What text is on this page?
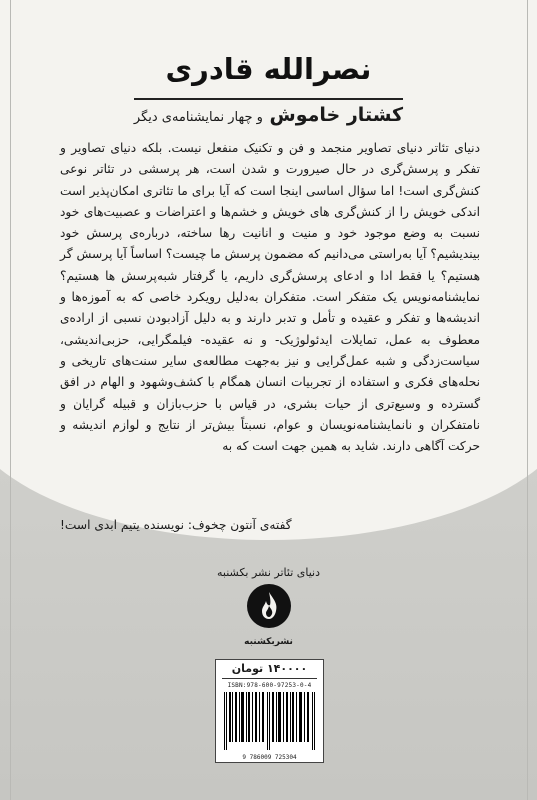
نصرالله قادری
کشتار خاموش و چهار نمایشنامه‌ی دیگر

دنیای تئاتر دنیای تصاویر منجمد و فن و تکنیک منفعل نیست. بلکه دنیای تصاویر و تفکر و پرسش‌گری در حال صیرورت و شدن است، هر پرسشی در تئاتر نوعی کنش‌گری است! اما سؤال اساسی اینجا است که آیا برای ما تئاتری امکان‌پذیر است اندکی خویش را از کنش‌گری های خویش و خشم‌ها و اعتراضات و عصبیت‌های خود نسبت به وضع موجود خود و منیت و انانیت رها ساخته، درباره‌ی پرسش خود بیندیشیم؟ آیا به‌راستی می‌دانیم که مضمون پرسش ما چیست؟ اساساً آیا پرسش گر هستیم؟ یا فقط ادا و ادعای پرسش‌گری داریم، یا گرفتار شبه‌پرسش ها هستیم؟ نمایشنامه‌نویس یک متفکر است. متفکران به‌دلیل رویکرد خاصی که به آموزه‌ها و اندیشه‌ها و تفکر و عقیده و تأمل و تدبر دارند و به دلیل آزادبودن نسبی از اراده‌ی معطوف به عمل، تمایلات ایدئولوژیک- و نه عقیده- فیلمگرایی، حزبی‌اندیشی، سیاست‌زدگی و شبه عمل‌گرایی و نیز به‌جهت مطالعه‌ی سایر سنت‌های تاریخی و نحله‌های فکری و استفاده از تجربیات انسان همگام با کشف‌وشهود و الهام در افق گسترده و وسیع‌تری از حیات بشری، در قیاس با حزب‌بازان و قبیله گرایان و نامتفکران و نانمایشنامه‌نویسان و عوام، نسبتاً بیش‌تر از نتایج و لوازم اندیشه و حرکت آگاهی دارند. شاید به همین جهت است که به

گفته‌ی آنتون چخوف: نویسنده یتیم ابدی است!
دنیای تئاتر نشر بکشنبه
نشربکشنبه
۱۴۰۰۰۰ تومان
ISBN:978-600-97253-0-4
9 786009 725304
